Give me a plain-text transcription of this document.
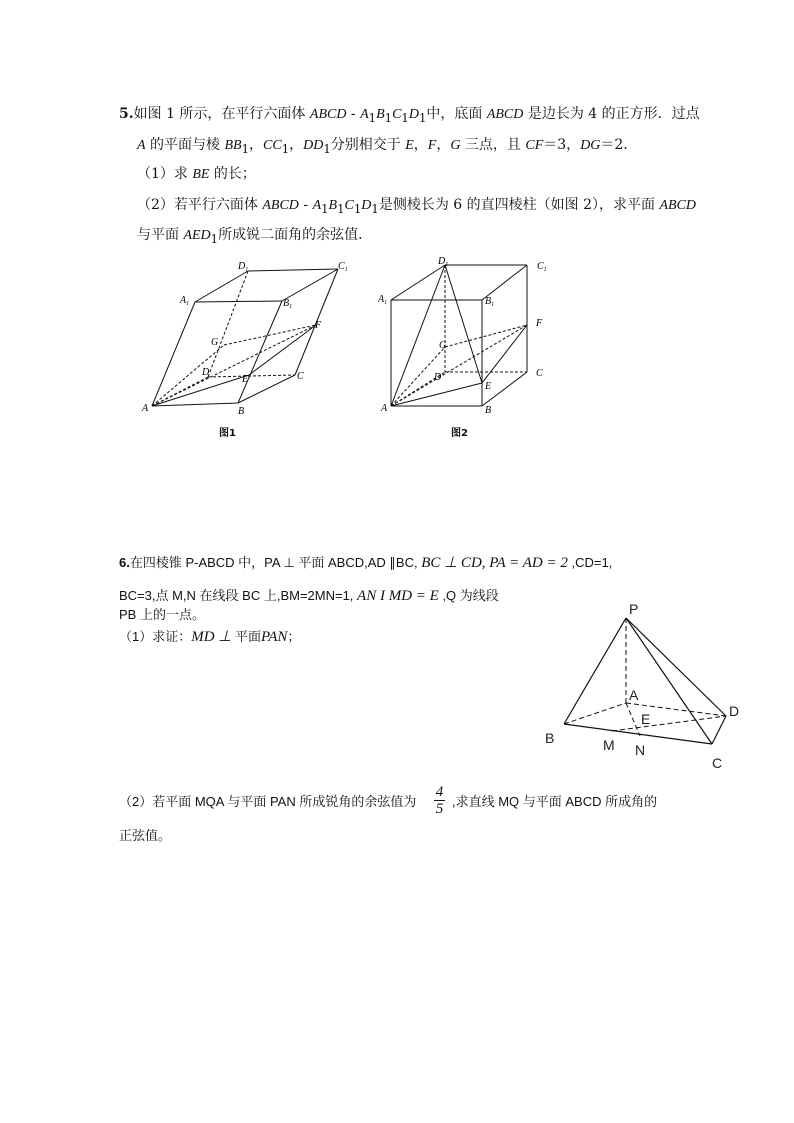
5.如图 1 所示，在平行六面体 ABCD - $A_1B_1C_1D_1$中，底面 ABCD 是边长为 4 的正方形．过点
A 的平面与棱 $BB_1$，$CC_1$，$DD_1$分别相交于 E，F，G 三点，且 CF＝3，DG＝2．
（1）求 BE 的长；
（2）若平行六面体 ABCD - $A_1B_1C_1D_1$是侧棱长为 6 的直四棱柱（如图 2），求平面 ABCD
与平面 $AED_1$所成锐二面角的余弦值．
A	B
C
D
E
F
G
$A_1$	$B_1$
$C_1$
$D_1$
图1
A	B
C
D
E
F
G
$A_1$	$B_1$
$C_1$
$D_1$
图2
6.在四棱锥 P-ABCD 中，PA ⊥ 平面 ABCD,AD ∥BC, BC ⊥ CD, PA = AD = 2 ,CD=1,
BC=3,点 M,N 在线段 BC 上,BM=2MN=1, AN I MD = E ,Q 为线段
PB 上的一点。
（1）求证：MD ⊥ 平面PAN；
P
A
E	D
B	M N
C
（2）若平面 MQA 与平面 PAN 所成锐角的余弦值为
4
5 ,求直线 MQ 与平面 ABCD 所成角的
正弦值。
